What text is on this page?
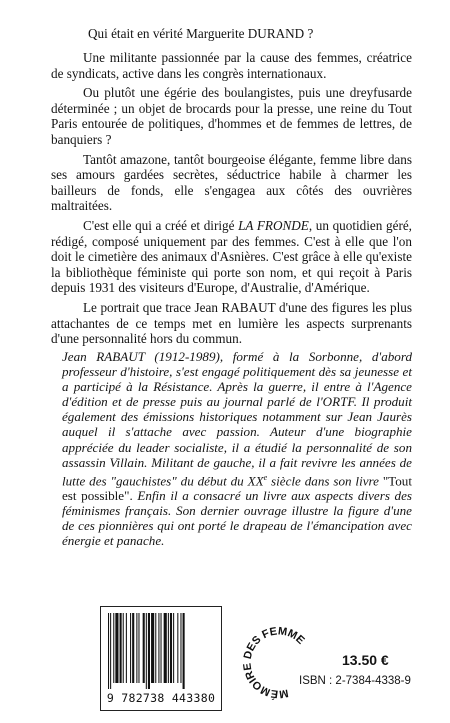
Qui était en vérité Marguerite DURAND ?

Une militante passionnée par la cause des femmes, créatrice de syndicats, active dans les congrès internationaux.

Ou plutôt une égérie des boulangistes, puis une dreyfusarde déterminée ; un objet de brocards pour la presse, une reine du Tout Paris entourée de politiques, d'hommes et de femmes de lettres, de banquiers ?

Tantôt amazone, tantôt bourgeoise élégante, femme libre dans ses amours gardées secrètes, séductrice habile à charmer les bailleurs de fonds, elle s'engagea aux côtés des ouvrières maltraitées.

C'est elle qui a créé et dirigé LA FRONDE, un quotidien géré, rédigé, composé uniquement par des femmes. C'est à elle que l'on doit le cimetière des animaux d'Asnières. C'est grâce à elle qu'existe la bibliothèque féministe qui porte son nom, et qui reçoit à Paris depuis 1931 des visiteurs d'Europe, d'Australie, d'Amérique.

Le portrait que trace Jean RABAUT d'une des figures les plus attachantes de ce temps met en lumière les aspects surprenants d'une personnalité hors du commun.

Jean RABAUT (1912-1989), formé à la Sorbonne, d'abord professeur d'histoire, s'est engagé politiquement dès sa jeunesse et a participé à la Résistance. Après la guerre, il entre à l'Agence d'édition et de presse puis au journal parlé de l'ORTF. Il produit également des émissions historiques notamment sur Jean Jaurès auquel il s'attache avec passion. Auteur d'une biographie appréciée du leader socialiste, il a étudié la personnalité de son assassin Villain. Militant de gauche, il a fait revivre les années de lutte des "gauchistes" du début du XXe siècle dans son livre "Tout est possible". Enfin il a consacré un livre aux aspects divers des féminismes français. Son dernier ouvrage illustre la figure d'une de ces pionnières qui ont porté le drapeau de l'émancipation avec énergie et panache.

9 782738 443380	MÉMOIRE DES FEMMES
13.50 €
ISBN : 2-7384-4338-9
